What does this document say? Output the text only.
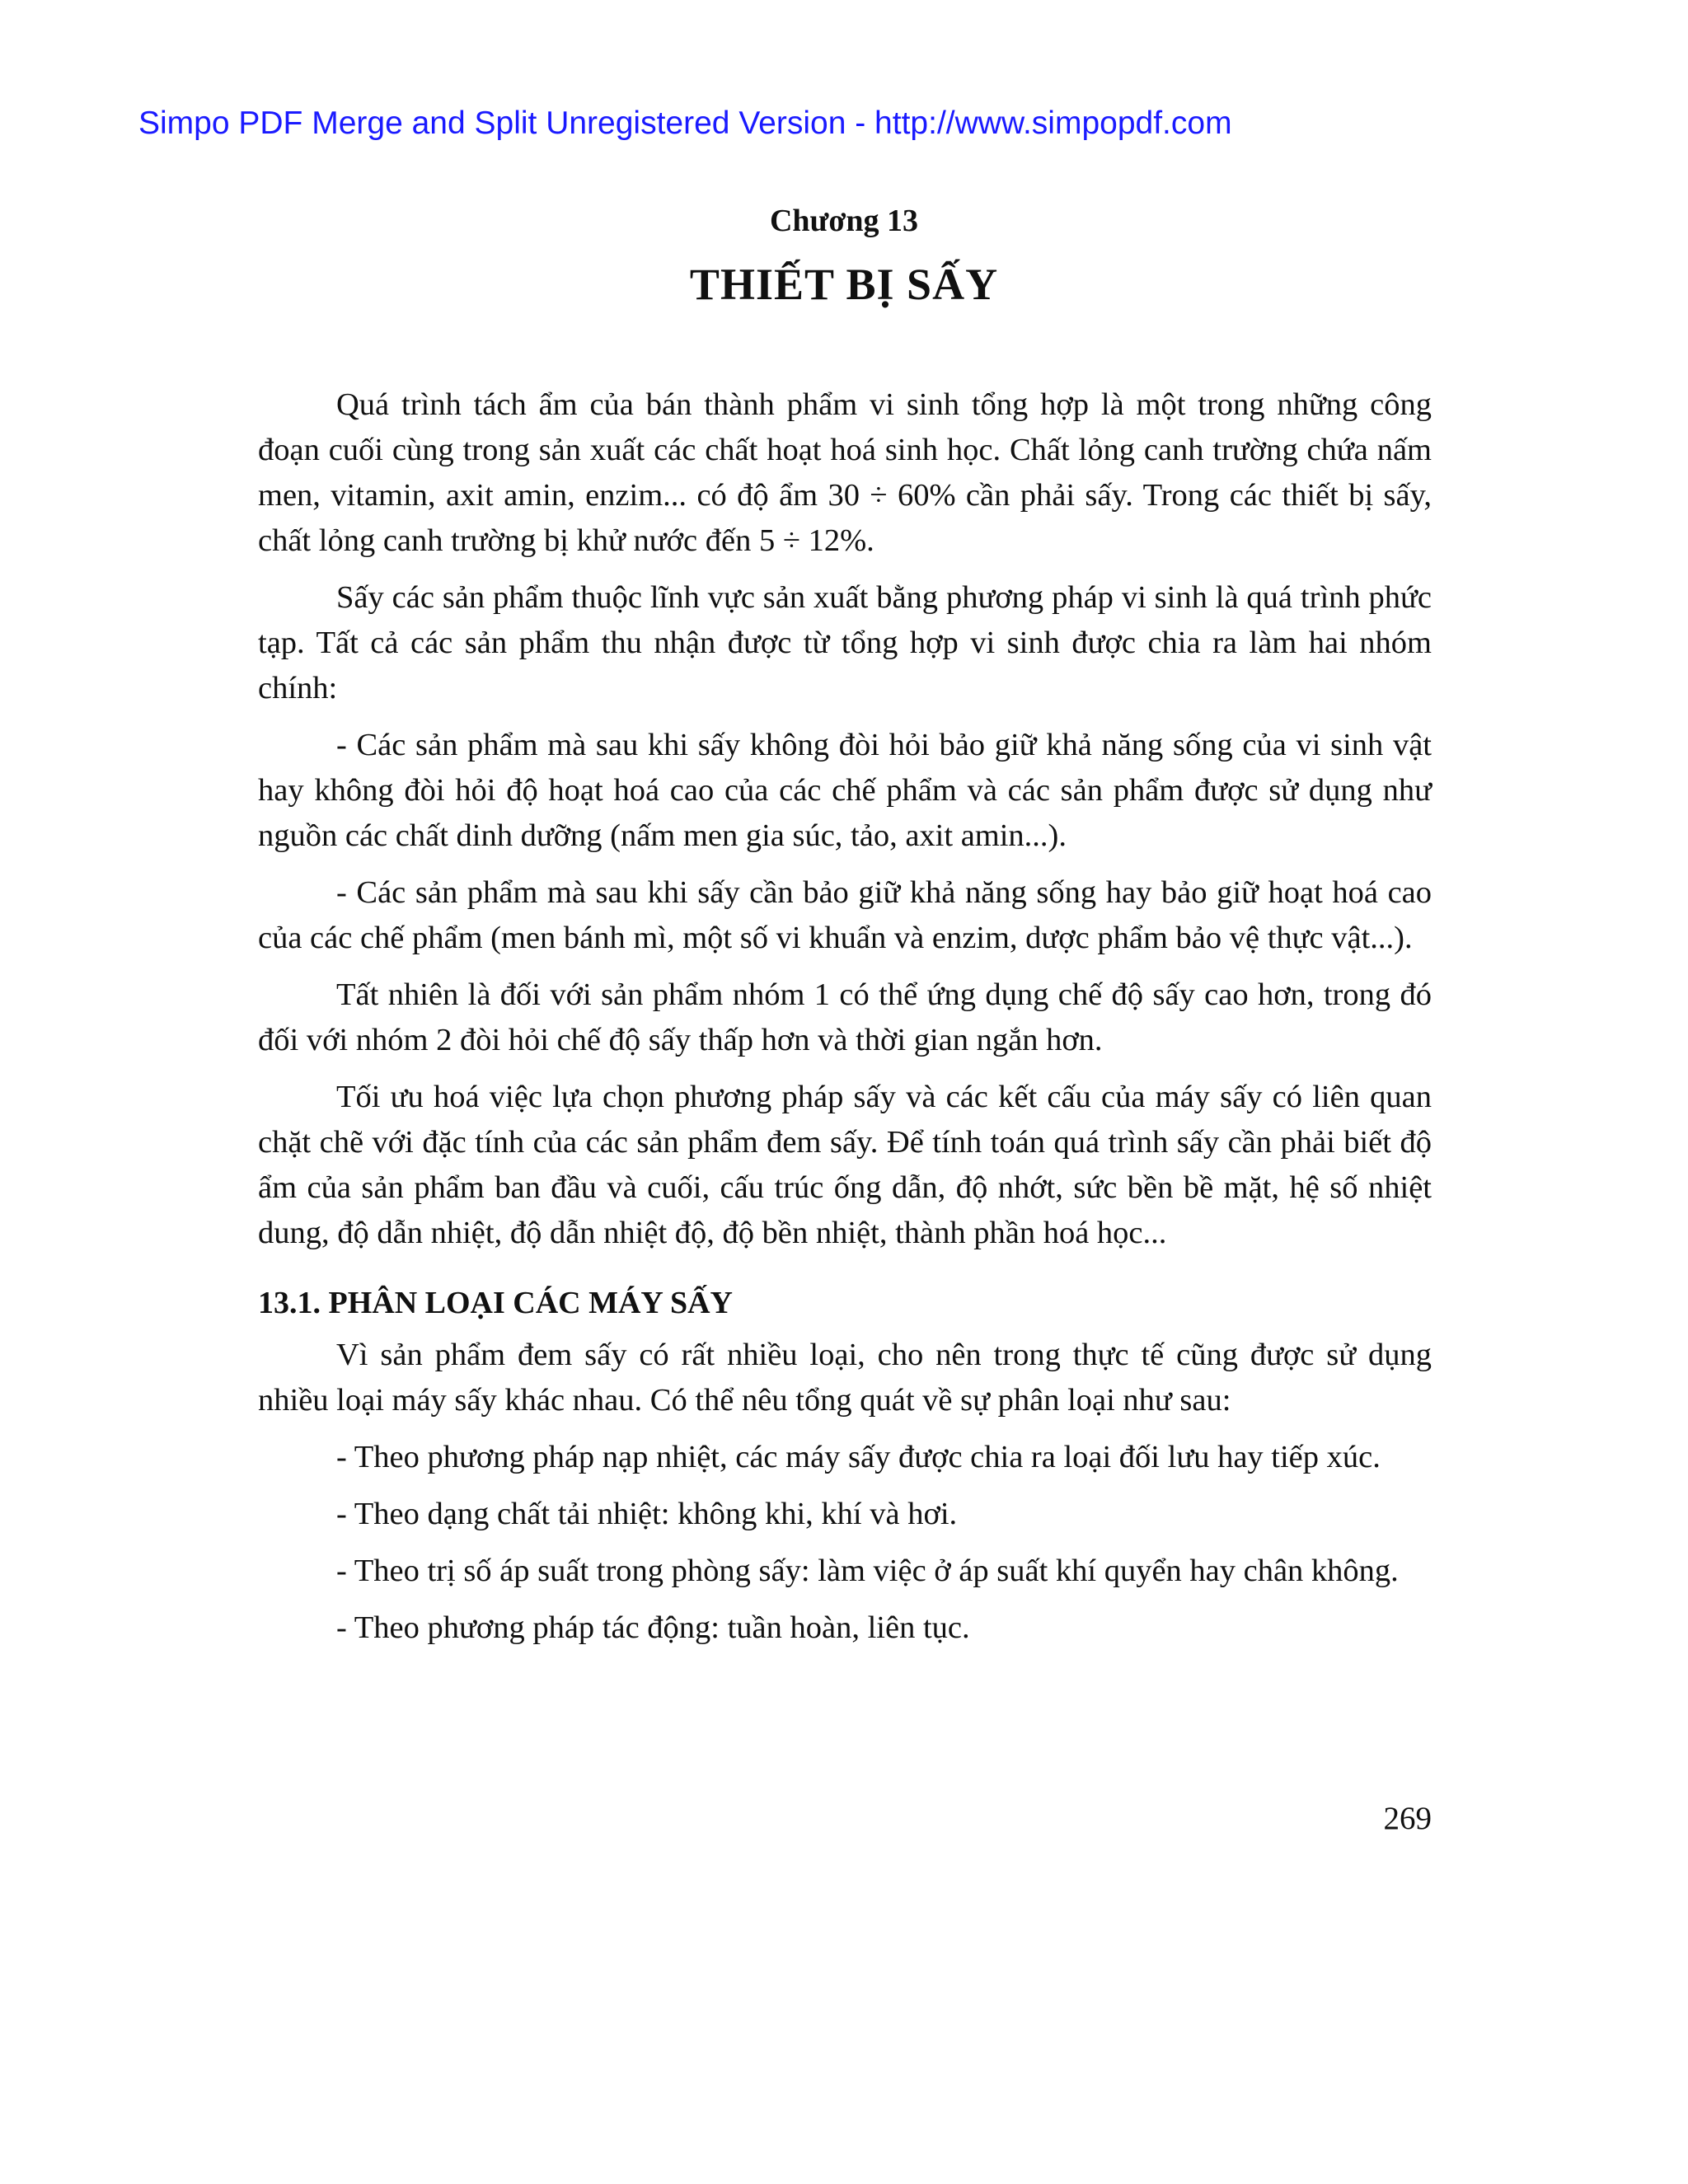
Simpo PDF Merge and Split Unregistered Version - http://www.simpopdf.com
Chương 13
THIẾT BỊ SẤY

Quá trình tách ẩm của bán thành phẩm vi sinh tổng hợp là một trong những công đoạn cuối cùng trong sản xuất các chất hoạt hoá sinh học. Chất lỏng canh trường chứa nấm men, vitamin, axit amin, enzim... có độ ẩm 30 ÷ 60% cần phải sấy. Trong các thiết bị sấy, chất lỏng canh trường bị khử nước đến 5 ÷ 12%.

Sấy các sản phẩm thuộc lĩnh vực sản xuất bằng phương pháp vi sinh là quá trình phức tạp. Tất cả các sản phẩm thu nhận được từ tổng hợp vi sinh được chia ra làm hai nhóm chính:

- Các sản phẩm mà sau khi sấy không đòi hỏi bảo giữ khả năng sống của vi sinh vật hay không đòi hỏi độ hoạt hoá cao của các chế phẩm và các sản phẩm được sử dụng như nguồn các chất dinh dưỡng (nấm men gia súc, tảo, axit amin...).

- Các sản phẩm mà sau khi sấy cần bảo giữ khả năng sống hay bảo giữ hoạt hoá cao của các chế phẩm (men bánh mì, một số vi khuẩn và enzim, dược phẩm bảo vệ thực vật...).

Tất nhiên là đối với sản phẩm nhóm 1 có thể ứng dụng chế độ sấy cao hơn, trong đó đối với nhóm 2 đòi hỏi chế độ sấy thấp hơn và thời gian ngắn hơn.

Tối ưu hoá việc lựa chọn phương pháp sấy và các kết cấu của máy sấy có liên quan chặt chẽ với đặc tính của các sản phẩm đem sấy. Để tính toán quá trình sấy cần phải biết độ ẩm của sản phẩm ban đầu và cuối, cấu trúc ống dẫn, độ nhớt, sức bền bề mặt, hệ số nhiệt dung, độ dẫn nhiệt, độ dẫn nhiệt độ, độ bền nhiệt, thành phần hoá học...

13.1. PHÂN LOẠI CÁC MÁY SẤY

Vì sản phẩm đem sấy có rất nhiều loại, cho nên trong thực tế cũng được sử dụng nhiều loại máy sấy khác nhau. Có thể nêu tổng quát về sự phân loại như sau:

- Theo phương pháp nạp nhiệt, các máy sấy được chia ra loại đối lưu hay tiếp xúc.

- Theo dạng chất tải nhiệt: không khi, khí và hơi.

- Theo trị số áp suất trong phòng sấy: làm việc ở áp suất khí quyển hay chân không.

- Theo phương pháp tác động: tuần hoàn, liên tục.

269
